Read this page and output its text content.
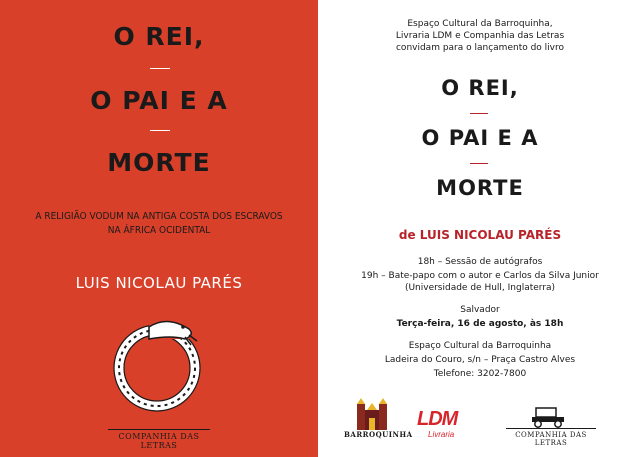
O REI,
O PAI E A
MORTE
A RELIGIÃO VODUM NA ANTIGA COSTA DOS ESCRAVOS
NA ÁFRICA OCIDENTAL
LUIS NICOLAU PARÉS
COMPANHIA DAS LETRAS
Espaço Cultural da Barroquinha,
Livraria LDM e Companhia das Letras
convidam para o lançamento do livro
O REI,
O PAI E A
MORTE
de LUIS NICOLAU PARÉS
18h – Sessão de autógrafos
19h – Bate-papo com o autor e Carlos da Silva Junior
(Universidade de Hull, Inglaterra)
Salvador
Terça-feira, 16 de agosto, às 18h
Espaço Cultural da Barroquinha
Ladeira do Couro, s/n – Praça Castro Alves
Telefone: 3202-7800
BARROQUINHA
LDM
Livraria	COMPANHIA DAS LETRAS
